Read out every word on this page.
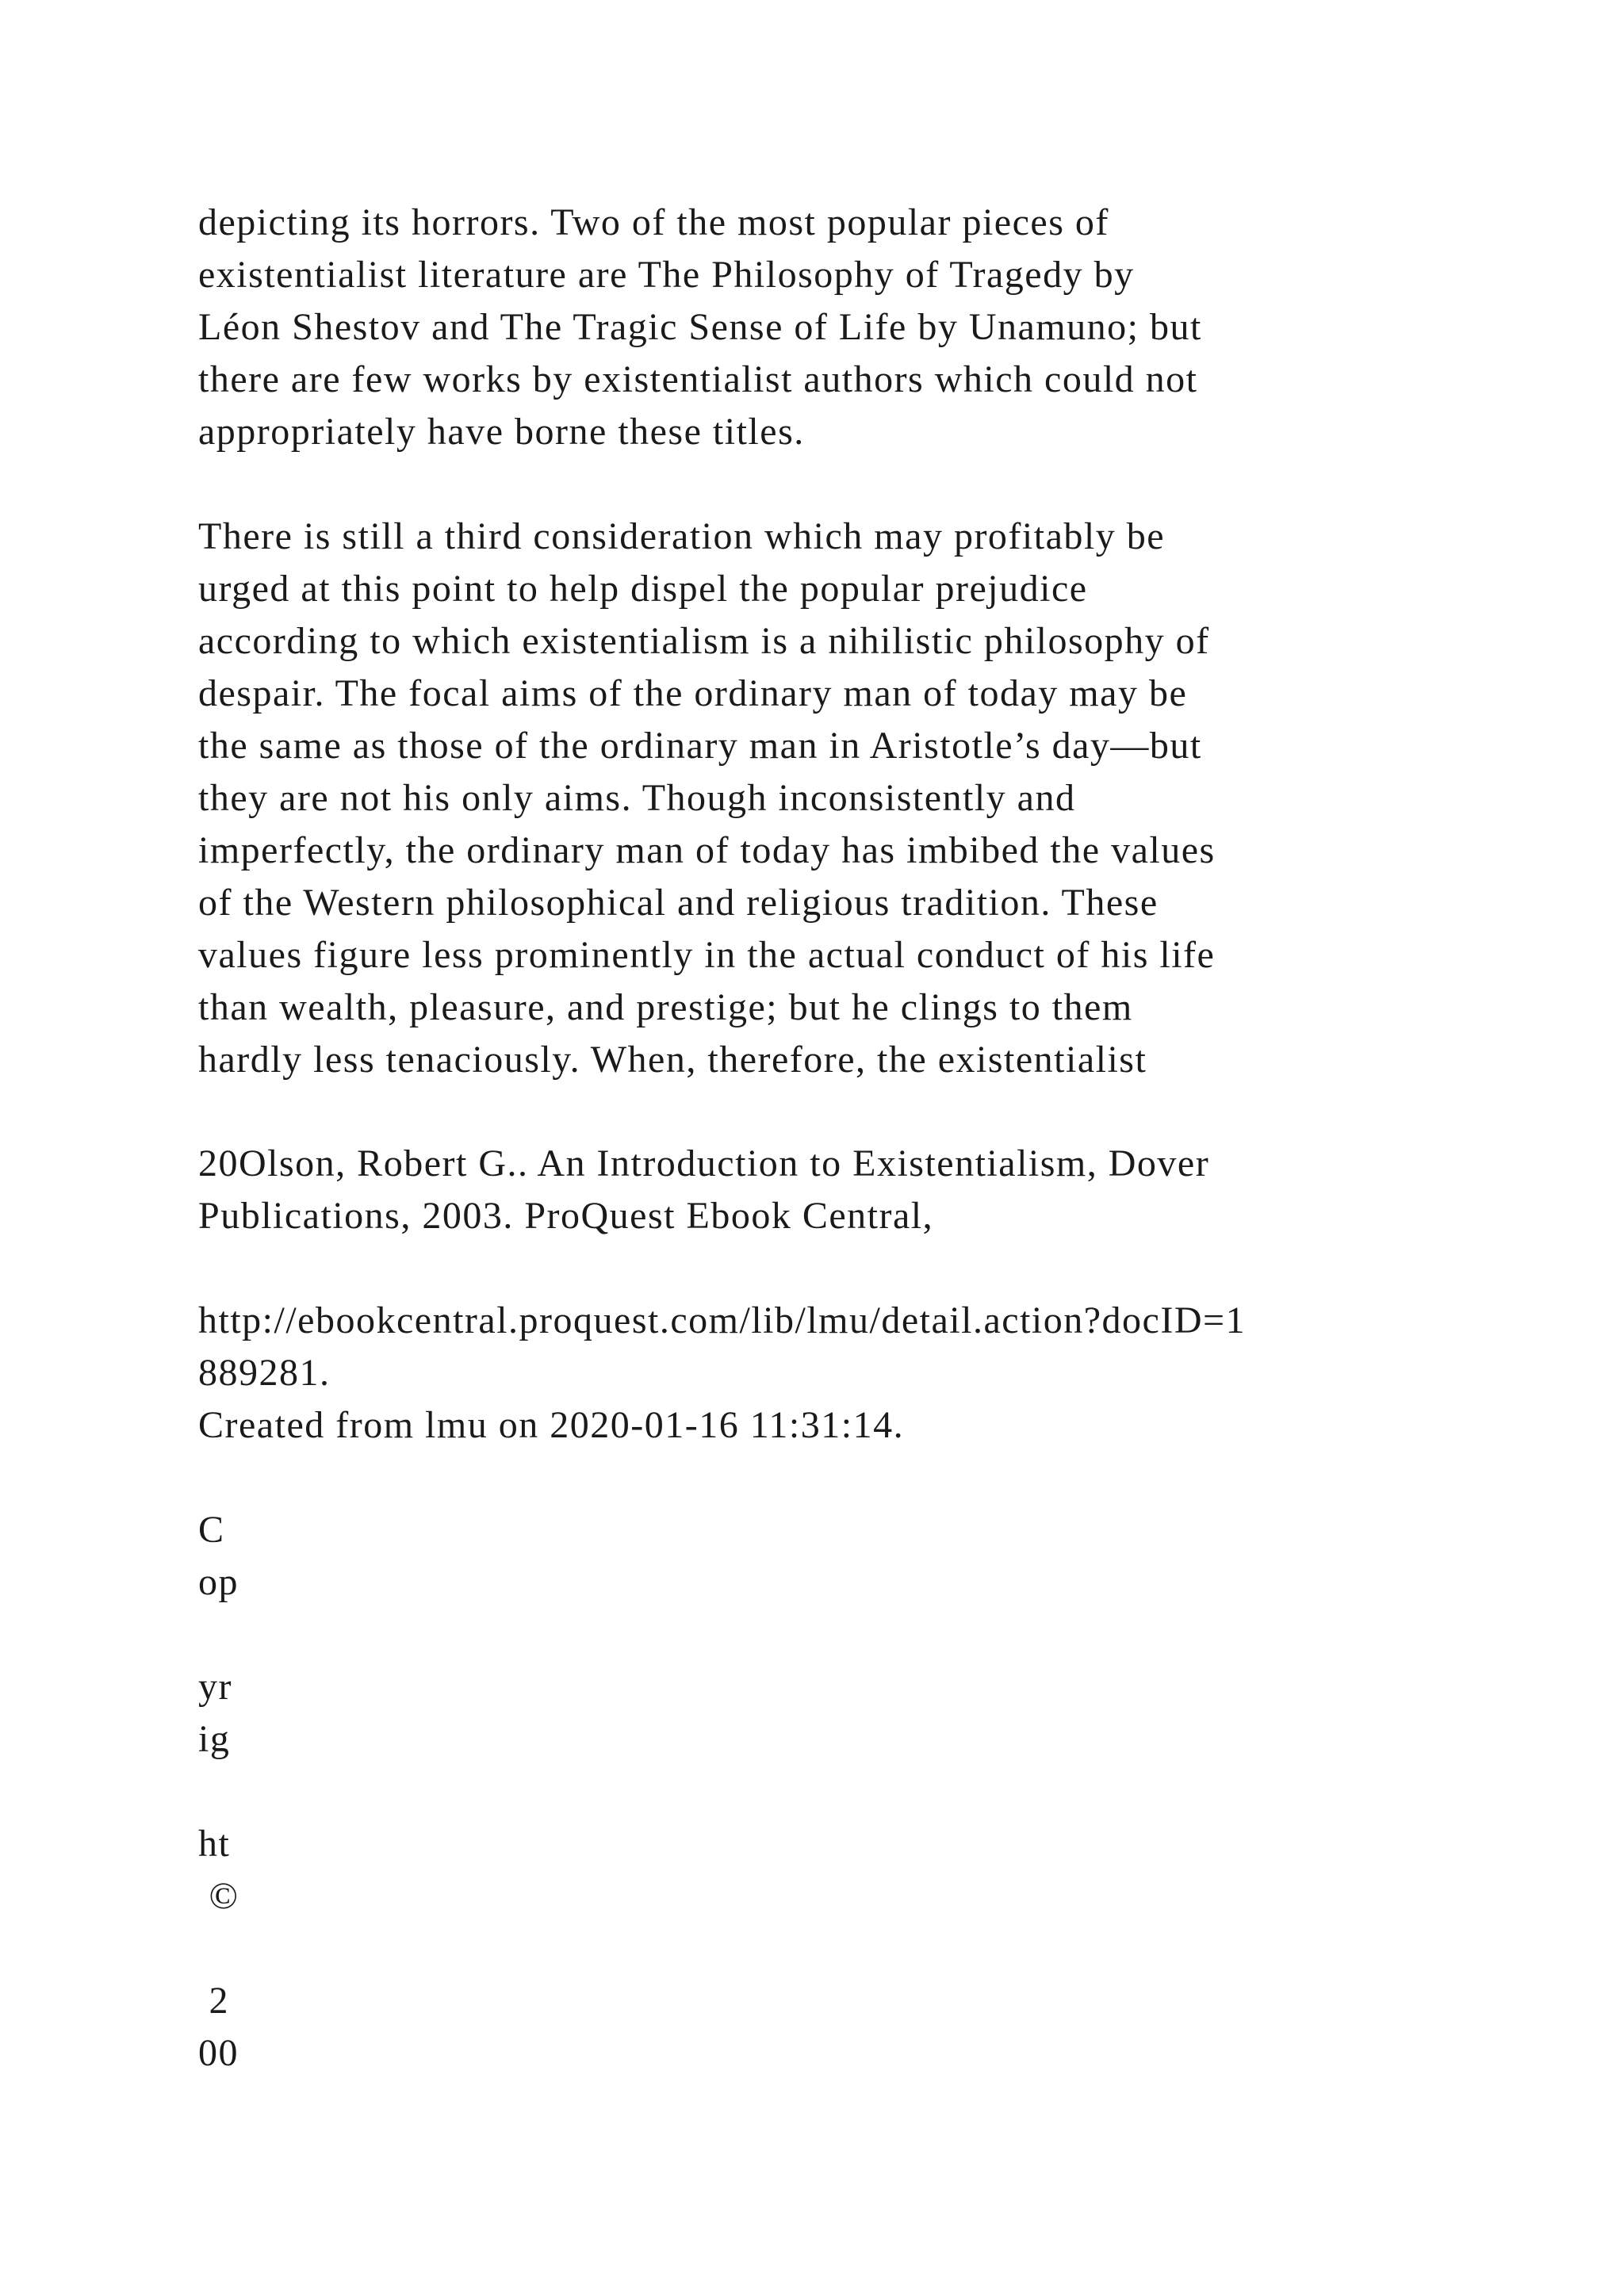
depicting its horrors. Two of the most popular pieces of
existentialist literature are The Philosophy of Tragedy by
Léon Shestov and The Tragic Sense of Life by Unamuno; but
there are few works by existentialist authors which could not
appropriately have borne these titles.
There is still a third consideration which may profitably be
urged at this point to help dispel the popular prejudice
according to which existentialism is a nihilistic philosophy of
despair. The focal aims of the ordinary man of today may be
the same as those of the ordinary man in Aristotle’s day—but
they are not his only aims. Though inconsistently and
imperfectly, the ordinary man of today has imbibed the values
of the Western philosophical and religious tradition. These
values figure less prominently in the actual conduct of his life
than wealth, pleasure, and prestige; but he clings to them
hardly less tenaciously. When, therefore, the existentialist
20Olson, Robert G.. An Introduction to Existentialism, Dover
Publications, 2003. ProQuest Ebook Central,
http://ebookcentral.proquest.com/lib/lmu/detail.action?docID=1
889281.
Created from lmu on 2020-01-16 11:31:14.
C
op
yr
ig
ht
©
2
00
